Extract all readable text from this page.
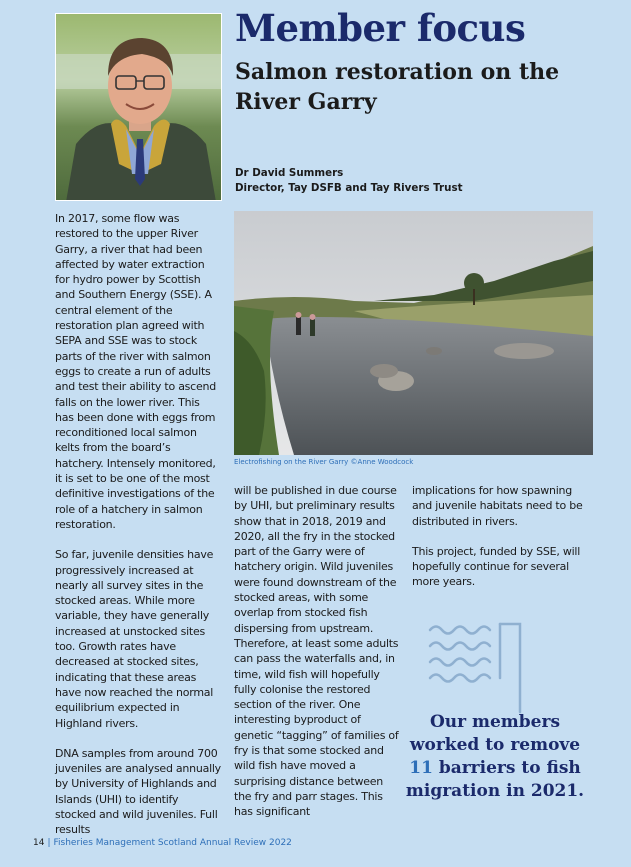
Member focus
Salmon restoration on the River Garry
Dr David Summers
Director, Tay DSFB and Tay Rivers Trust
Electrofishing on the River Garry ©Anne Woodcock

In 2017, some flow was restored to the upper River Garry, a river that had been affected by water extraction for hydro power by Scottish and Southern Energy (SSE). A central element of the restoration plan agreed with SEPA and SSE was to stock parts of the river with salmon eggs to create a run of adults and test their ability to ascend falls on the lower river. This has been done with eggs from reconditioned local salmon kelts from the board’s hatchery. Intensely monitored, it is set to be one of the most definitive investigations of the role of a hatchery in salmon restoration.

So far, juvenile densities have progressively increased at nearly all survey sites in the stocked areas. While more variable, they have generally increased at unstocked sites too. Growth rates have decreased at stocked sites, indicating that these areas have now reached the normal equilibrium expected in Highland rivers.

DNA samples from around 700 juveniles are analysed annually by University of Highlands and Islands (UHI) to identify stocked and wild juveniles. Full results

will be published in due course by UHI, but preliminary results show that in 2018, 2019 and 2020, all the fry in the stocked part of the Garry were of hatchery origin. Wild juveniles were found downstream of the stocked areas, with some overlap from stocked fish dispersing from upstream. Therefore, at least some adults can pass the waterfalls and, in time, wild fish will hopefully fully colonise the restored section of the river. One interesting byproduct of genetic “tagging” of families of fry is that some stocked and wild fish have moved a surprising distance between the fry and parr stages. This has significant

implications for how spawning and juvenile habitats need to be distributed in rivers.

This project, funded by SSE, will hopefully continue for several more years.

Our members worked to remove 11 barriers to fish migration in 2021.
14 | Fisheries Management Scotland Annual Review 2022
